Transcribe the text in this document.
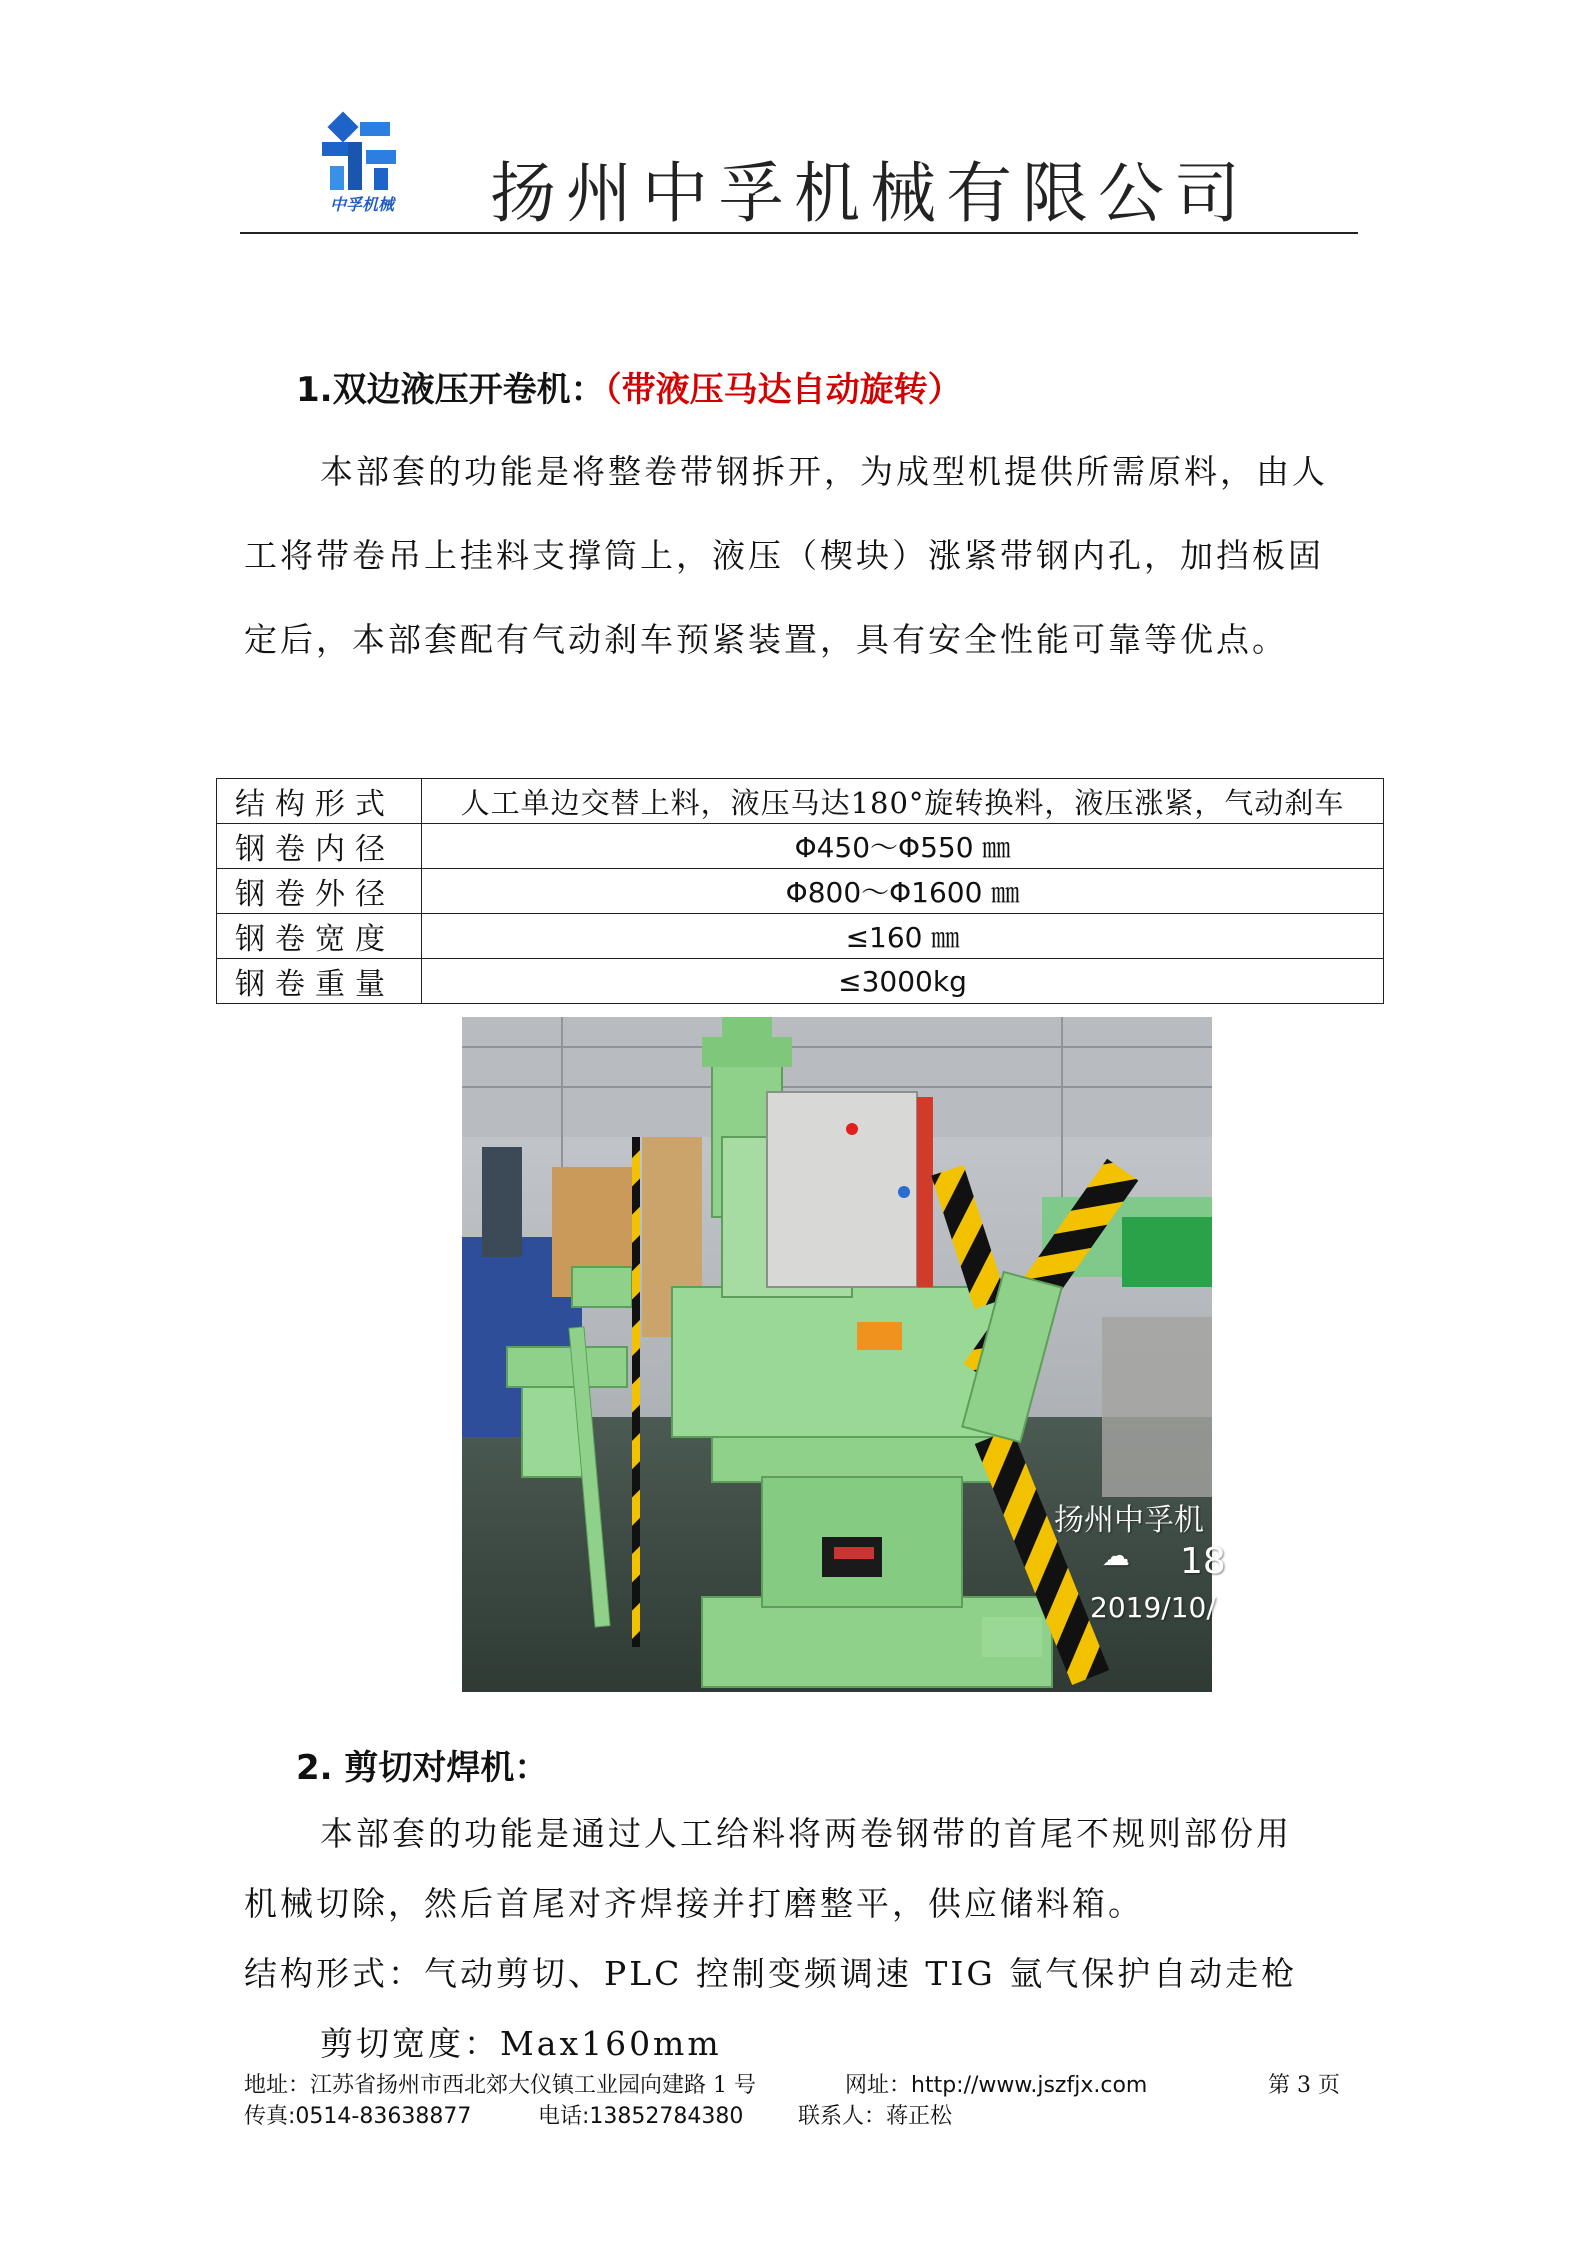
中孚机械 扬州中孚机械有限公司
1.双边液压开卷机：（带液压马达自动旋转）
本部套的功能是将整卷带钢拆开，为成型机提供所需原料，由人
工将带卷吊上挂料支撑筒上，液压（楔块）涨紧带钢内孔，加挡板固
定后，本部套配有气动刹车预紧装置，具有安全性能可靠等优点。
结构形式	人工单边交替上料，液压马达180°旋转换料，液压涨紧，气动刹车
钢卷内径	Φ450～Φ550 ㎜
钢卷外径	Φ800～Φ1600 ㎜
钢卷宽度	≤160 ㎜
钢卷重量	≤3000kg
扬州中孚机
☁ 18
2019/10/
2. 剪切对焊机：
本部套的功能是通过人工给料将两卷钢带的首尾不规则部份用
机械切除，然后首尾对齐焊接并打磨整平，供应储料箱。
结构形式：气动剪切、PLC 控制变频调速 TIG 氩气保护自动走枪
剪切宽度：Max160mm
地址：江苏省扬州市西北郊大仪镇工业园向建路 1 号	网址：http://www.jszfjx.com	第 3 页
传真:0514-83638877	电话:13852784380 联系人：蒋正松
